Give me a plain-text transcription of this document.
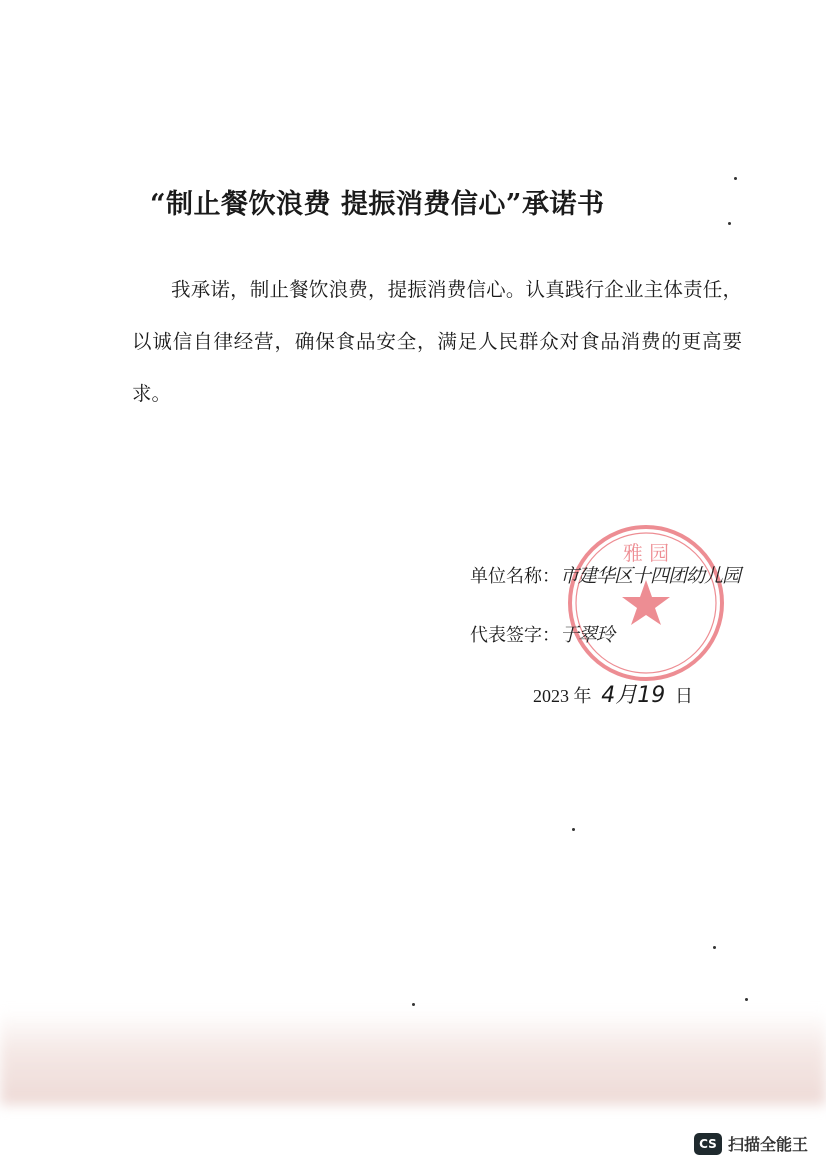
“制止餐饮浪费 提振消费信心”承诺书
我承诺，制止餐饮浪费，提振消费信心。认真践行企业主体责任，以诚信自律经营，确保食品安全，满足人民群众对食品消费的更高要求。
雅 园
单位名称：市建华区十四团幼儿园
代表签字：于翠玲
2023 年 4月19 日
CS 扫描全能王
